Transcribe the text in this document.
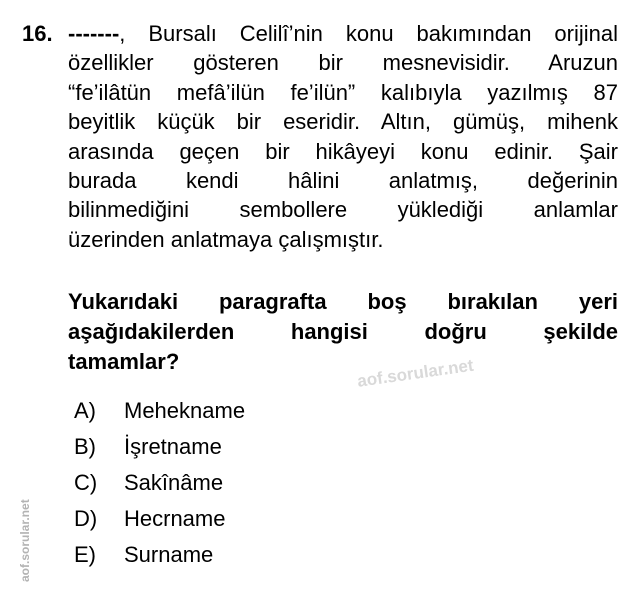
16. -------, Bursalı Celilî’nin konu bakımından orijinal
özellikler gösteren bir mesnevisidir. Aruzun
“fe’ilâtün mefâ’ilün fe’ilün” kalıbıyla yazılmış 87
beyitlik küçük bir eseridir. Altın, gümüş, mihenk
arasında geçen bir hikâyeyi konu edinir. Şair
burada kendi hâlini anlatmış, değerinin
bilinmediğini sembollere yüklediği anlamlar
üzerinden anlatmaya çalışmıştır.
Yukarıdaki paragrafta boş bırakılan yeri
aşağıdakilerden hangisi doğru şekilde
tamamlar?
A) Mehekname
B) İşretname
C) Sakînâme
D) Hecrname
E) Surname
aof.sorular.net
aof.sorular.net
